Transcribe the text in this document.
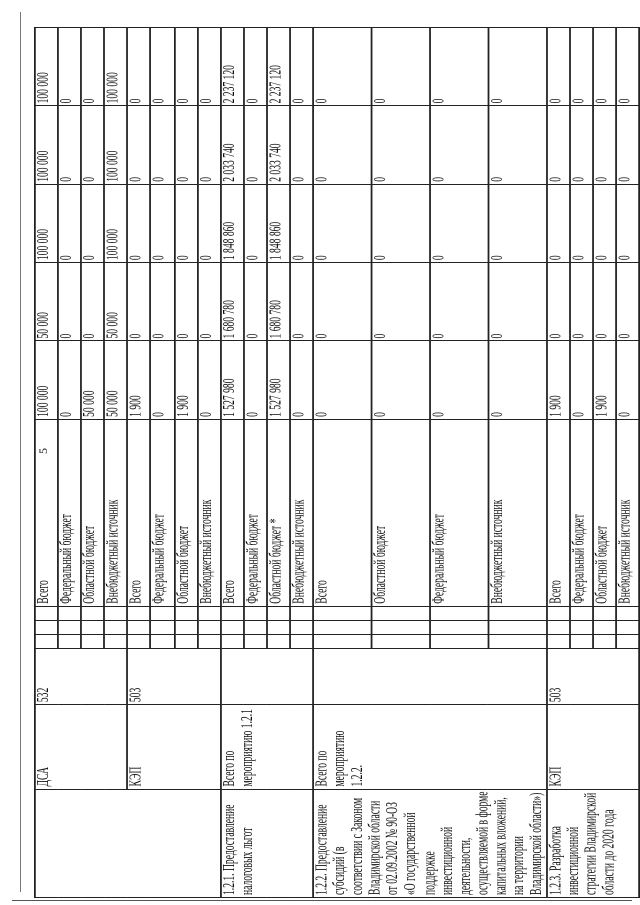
5
	ДСА	532				Всего	100 000	50 000	100 000	100 000	100 000
						Федеральный бюджет	0	0	0	0	0
						Областной бюджет	50 000	0	0	0	0
						Внебюджетный источник	50 000	50 000	100 000	100 000	100 000
	КЭП	503				Всего	1 900	0	0	0	0
						Федеральный бюджет	0	0	0	0	0
						Областной бюджет	1 900	0	0	0	0
						Внебюджетный источник	0	0	0	0	0
1.2.1. Предоставление налоговых льгот	Всего по мероприятию 1.2.1					Всего	1 527 980	1 680 780	1 848 860	2 033 740	2 237 120
						Федеральный бюджет	0	0	0	0	0
						Областной бюджет *	1 527 980	1 680 780	1 848 860	2 033 740	2 237 120
						Внебюджетный источник	0	0	0	0	0
1.2.2. Предоставление субсидий (в соответствии с Законом Владимирской области от 02.09.2002 № 90-ОЗ «О государственной поддержке инвестиционной деятельности, осуществляемой в форме капитальных вложений, на территории Владимирской области»)	Всего по мероприятию 1.2.2.					Всего	0	0	0	0	0
						Областной бюджет	0	0	0	0	0
						Федеральный бюджет	0	0	0	0	0
						Внебюджетный источник	0	0	0	0	0
1.2.3. Разработка инвестиционной стратегии Владимирской области до 2020 года	КЭП	503				Всего	1 900	0	0	0	0
						Федеральный бюджет	0	0	0	0	0
						Областной бюджет	1 900	0	0	0	0
						Внебюджетный источник	0	0	0	0	0
